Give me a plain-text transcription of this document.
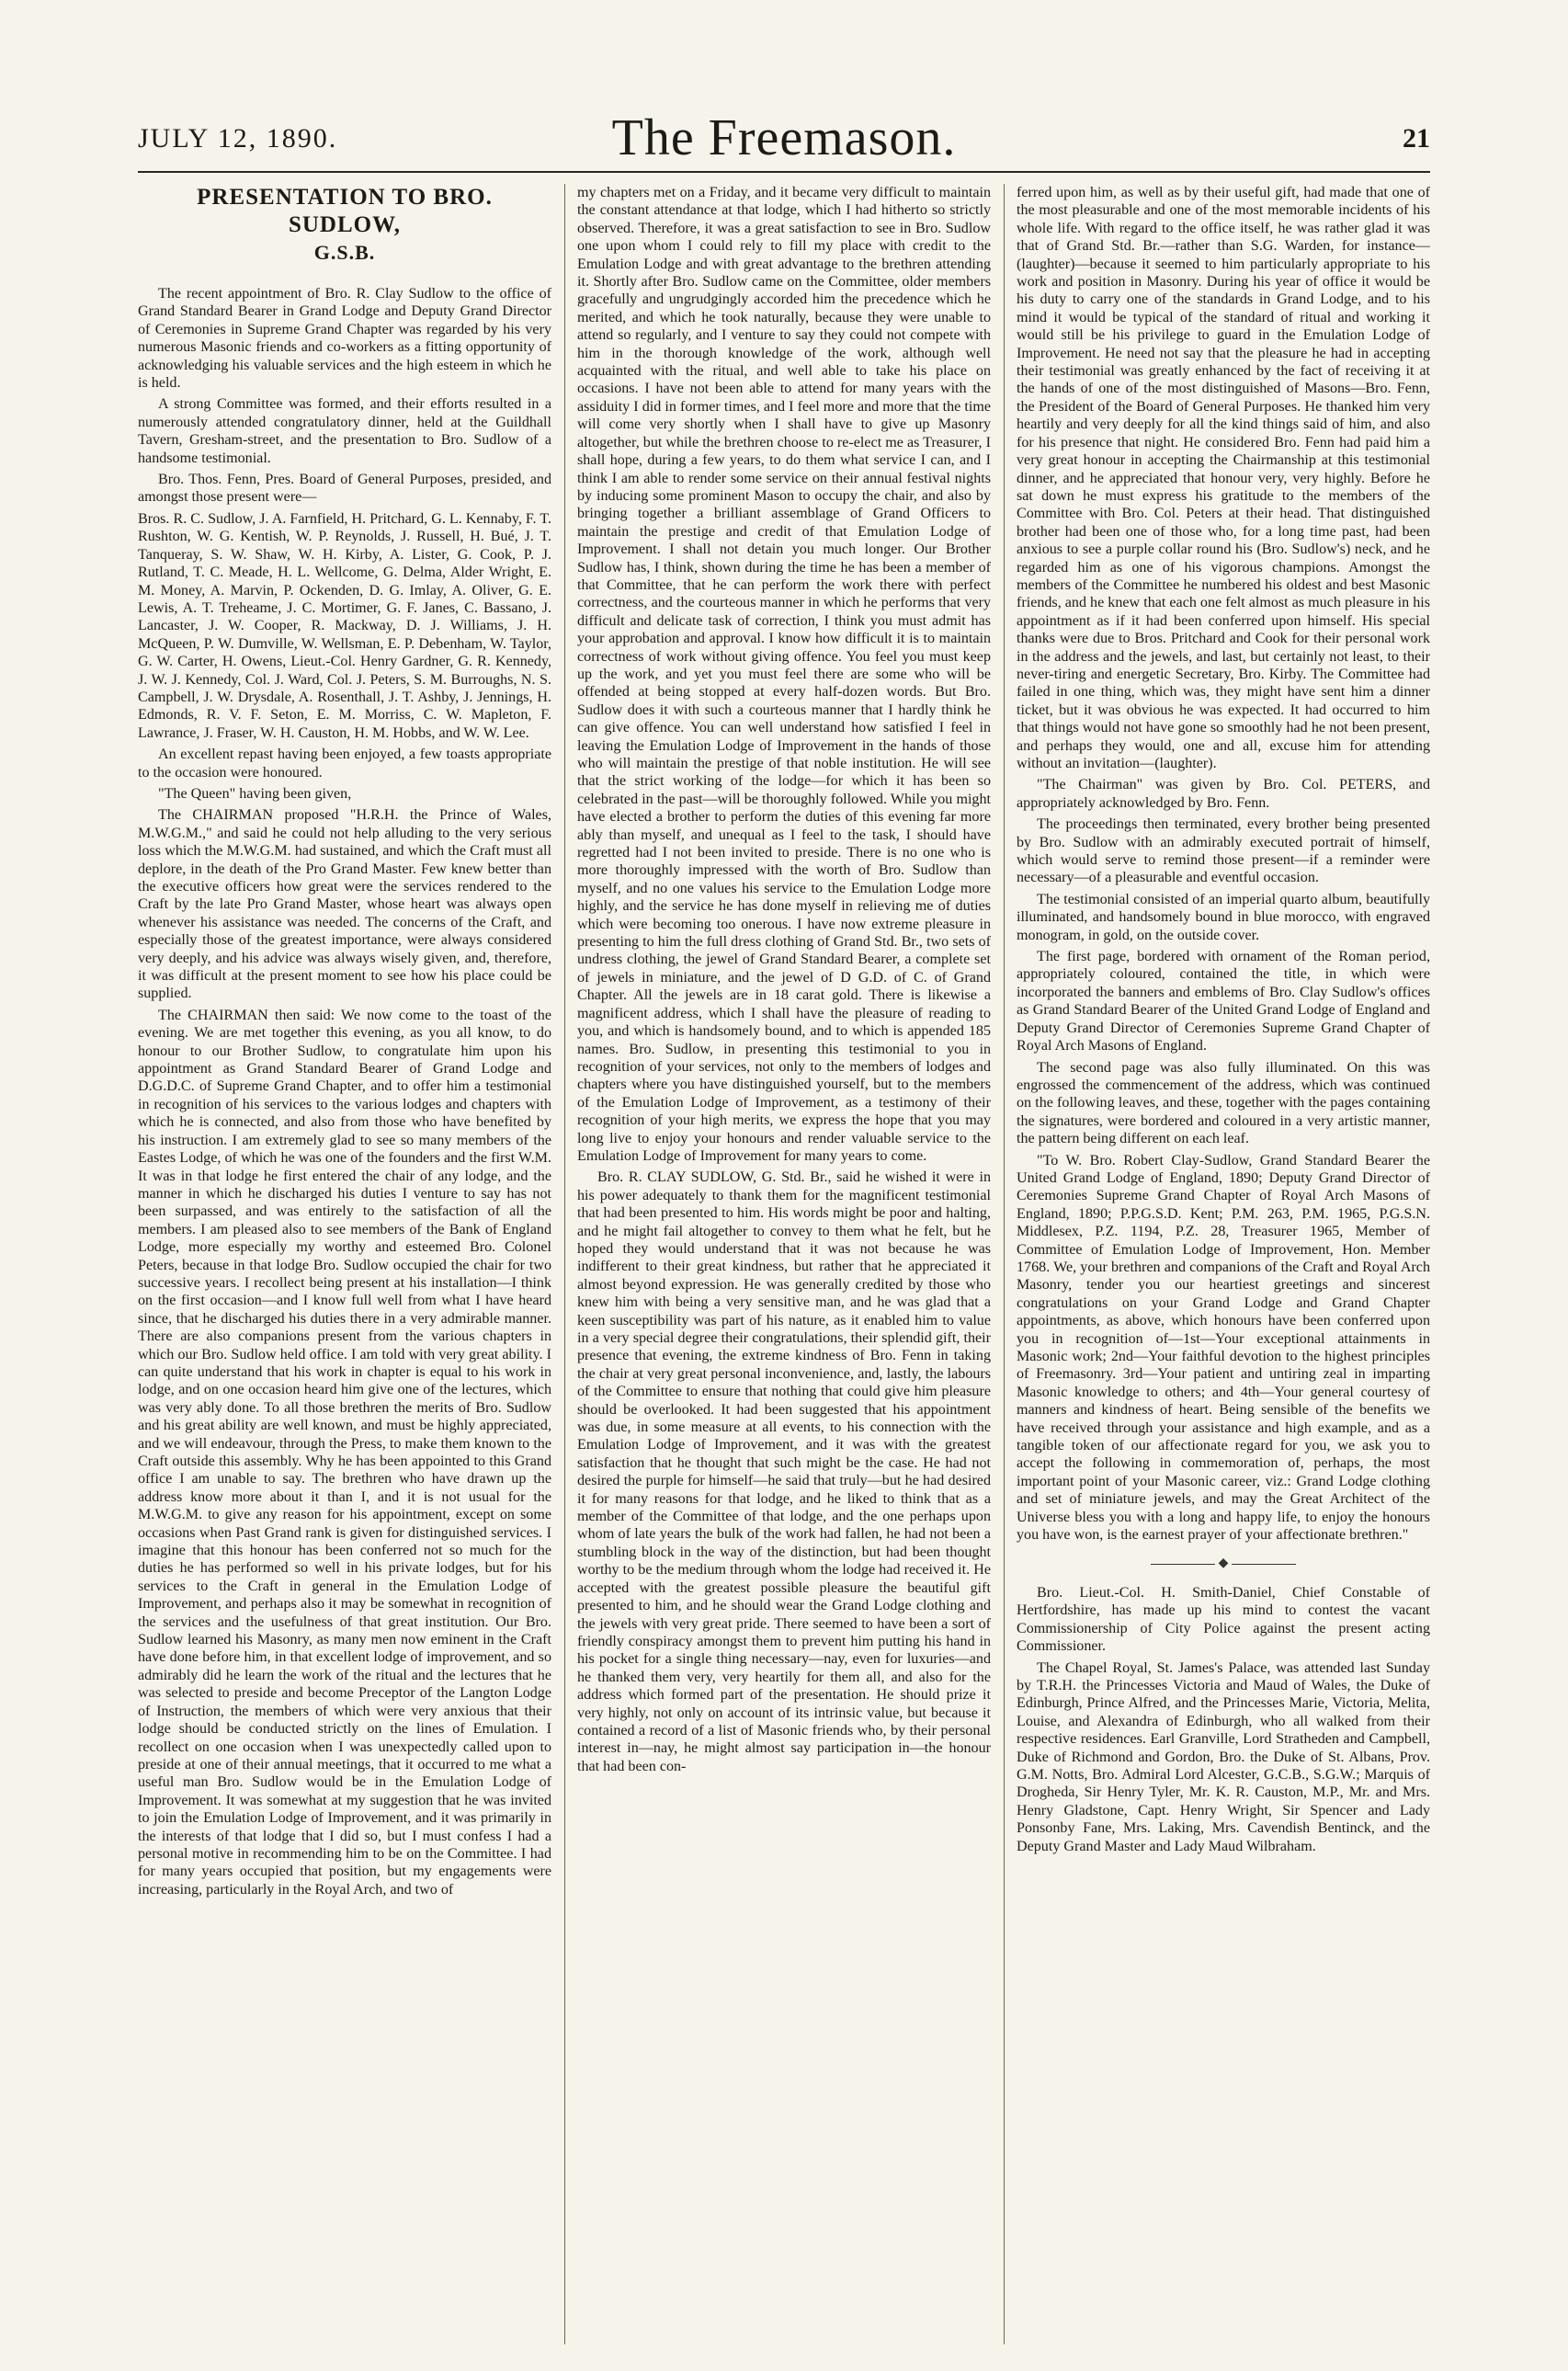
JULY 12, 1890.	The Freemason.	21
PRESENTATION TO BRO. SUDLOW,
G.S.B.

The recent appointment of Bro. R. Clay Sudlow to the office of Grand Standard Bearer in Grand Lodge and Deputy Grand Director of Ceremonies in Supreme Grand Chapter was regarded by his very numerous Masonic friends and co-workers as a fitting opportunity of acknowledging his valuable services and the high esteem in which he is held.

A strong Committee was formed, and their efforts resulted in a numerously attended congratulatory dinner, held at the Guildhall Tavern, Gresham-street, and the presentation to Bro. Sudlow of a handsome testimonial.

Bro. Thos. Fenn, Pres. Board of General Purposes, presided, and amongst those present were—

Bros. R. C. Sudlow, J. A. Farnfield, H. Pritchard, G. L. Kennaby, F. T. Rushton, W. G. Kentish, W. P. Reynolds, J. Russell, H. Bué, J. T. Tanqueray, S. W. Shaw, W. H. Kirby, A. Lister, G. Cook, P. J. Rutland, T. C. Meade, H. L. Wellcome, G. Delma, Alder Wright, E. M. Money, A. Marvin, P. Ockenden, D. G. Imlay, A. Oliver, G. E. Lewis, A. T. Treheame, J. C. Mortimer, G. F. Janes, C. Bassano, J. Lancaster, J. W. Cooper, R. Mackway, D. J. Williams, J. H. McQueen, P. W. Dumville, W. Wellsman, E. P. Debenham, W. Taylor, G. W. Carter, H. Owens, Lieut.-Col. Henry Gardner, G. R. Kennedy, J. W. J. Kennedy, Col. J. Ward, Col. J. Peters, S. M. Burroughs, N. S. Campbell, J. W. Drysdale, A. Rosenthall, J. T. Ashby, J. Jennings, H. Edmonds, R. V. F. Seton, E. M. Morriss, C. W. Mapleton, F. Lawrance, J. Fraser, W. H. Causton, H. M. Hobbs, and W. W. Lee.

An excellent repast having been enjoyed, a few toasts appropriate to the occasion were honoured.

"The Queen" having been given,

The CHAIRMAN proposed "H.R.H. the Prince of Wales, M.W.G.M.," and said he could not help alluding to the very serious loss which the M.W.G.M. had sustained, and which the Craft must all deplore, in the death of the Pro Grand Master. Few knew better than the executive officers how great were the services rendered to the Craft by the late Pro Grand Master, whose heart was always open whenever his assistance was needed. The concerns of the Craft, and especially those of the greatest importance, were always considered very deeply, and his advice was always wisely given, and, therefore, it was difficult at the present moment to see how his place could be supplied.

The CHAIRMAN then said: We now come to the toast of the evening. We are met together this evening, as you all know, to do honour to our Brother Sudlow, to congratulate him upon his appointment as Grand Standard Bearer of Grand Lodge and D.G.D.C. of Supreme Grand Chapter, and to offer him a testimonial in recognition of his services to the various lodges and chapters with which he is connected, and also from those who have benefited by his instruction. I am extremely glad to see so many members of the Eastes Lodge, of which he was one of the founders and the first W.M. It was in that lodge he first entered the chair of any lodge, and the manner in which he discharged his duties I venture to say has not been surpassed, and was entirely to the satisfaction of all the members. I am pleased also to see members of the Bank of England Lodge, more especially my worthy and esteemed Bro. Colonel Peters, because in that lodge Bro. Sudlow occupied the chair for two successive years. I recollect being present at his installation—I think on the first occasion—and I know full well from what I have heard since, that he discharged his duties there in a very admirable manner. There are also companions present from the various chapters in which our Bro. Sudlow held office. I am told with very great ability. I can quite understand that his work in chapter is equal to his work in lodge, and on one occasion heard him give one of the lectures, which was very ably done. To all those brethren the merits of Bro. Sudlow and his great ability are well known, and must be highly appreciated, and we will endeavour, through the Press, to make them known to the Craft outside this assembly. Why he has been appointed to this Grand office I am unable to say. The brethren who have drawn up the address know more about it than I, and it is not usual for the M.W.G.M. to give any reason for his appointment, except on some occasions when Past Grand rank is given for distinguished services. I imagine that this honour has been conferred not so much for the duties he has performed so well in his private lodges, but for his services to the Craft in general in the Emulation Lodge of Improvement, and perhaps also it may be somewhat in recognition of the services and the usefulness of that great institution. Our Bro. Sudlow learned his Masonry, as many men now eminent in the Craft have done before him, in that excellent lodge of improvement, and so admirably did he learn the work of the ritual and the lectures that he was selected to preside and become Preceptor of the Langton Lodge of Instruction, the members of which were very anxious that their lodge should be conducted strictly on the lines of Emulation. I recollect on one occasion when I was unexpectedly called upon to preside at one of their annual meetings, that it occurred to me what a useful man Bro. Sudlow would be in the Emulation Lodge of Improvement. It was somewhat at my suggestion that he was invited to join the Emulation Lodge of Improvement, and it was primarily in the interests of that lodge that I did so, but I must confess I had a personal motive in recommending him to be on the Committee. I had for many years occupied that position, but my engagements were increasing, particularly in the Royal Arch, and two of

my chapters met on a Friday, and it became very difficult to maintain the constant attendance at that lodge, which I had hitherto so strictly observed. Therefore, it was a great satisfaction to see in Bro. Sudlow one upon whom I could rely to fill my place with credit to the Emulation Lodge and with great advantage to the brethren attending it. Shortly after Bro. Sudlow came on the Committee, older members gracefully and ungrudgingly accorded him the precedence which he merited, and which he took naturally, because they were unable to attend so regularly, and I venture to say they could not compete with him in the thorough knowledge of the work, although well acquainted with the ritual, and well able to take his place on occasions. I have not been able to attend for many years with the assiduity I did in former times, and I feel more and more that the time will come very shortly when I shall have to give up Masonry altogether, but while the brethren choose to re-elect me as Treasurer, I shall hope, during a few years, to do them what service I can, and I think I am able to render some service on their annual festival nights by inducing some prominent Mason to occupy the chair, and also by bringing together a brilliant assemblage of Grand Officers to maintain the prestige and credit of that Emulation Lodge of Improvement. I shall not detain you much longer. Our Brother Sudlow has, I think, shown during the time he has been a member of that Committee, that he can perform the work there with perfect correctness, and the courteous manner in which he performs that very difficult and delicate task of correction, I think you must admit has your approbation and approval. I know how difficult it is to maintain correctness of work without giving offence. You feel you must keep up the work, and yet you must feel there are some who will be offended at being stopped at every half-dozen words. But Bro. Sudlow does it with such a courteous manner that I hardly think he can give offence. You can well understand how satisfied I feel in leaving the Emulation Lodge of Improvement in the hands of those who will maintain the prestige of that noble institution. He will see that the strict working of the lodge—for which it has been so celebrated in the past—will be thoroughly followed. While you might have elected a brother to perform the duties of this evening far more ably than myself, and unequal as I feel to the task, I should have regretted had I not been invited to preside. There is no one who is more thoroughly impressed with the worth of Bro. Sudlow than myself, and no one values his service to the Emulation Lodge more highly, and the service he has done myself in relieving me of duties which were becoming too onerous. I have now extreme pleasure in presenting to him the full dress clothing of Grand Std. Br., two sets of undress clothing, the jewel of Grand Standard Bearer, a complete set of jewels in miniature, and the jewel of D G.D. of C. of Grand Chapter. All the jewels are in 18 carat gold. There is likewise a magnificent address, which I shall have the pleasure of reading to you, and which is handsomely bound, and to which is appended 185 names. Bro. Sudlow, in presenting this testimonial to you in recognition of your services, not only to the members of lodges and chapters where you have distinguished yourself, but to the members of the Emulation Lodge of Improvement, as a testimony of their recognition of your high merits, we express the hope that you may long live to enjoy your honours and render valuable service to the Emulation Lodge of Improvement for many years to come.

Bro. R. CLAY SUDLOW, G. Std. Br., said he wished it were in his power adequately to thank them for the magnificent testimonial that had been presented to him. His words might be poor and halting, and he might fail altogether to convey to them what he felt, but he hoped they would understand that it was not because he was indifferent to their great kindness, but rather that he appreciated it almost beyond expression. He was generally credited by those who knew him with being a very sensitive man, and he was glad that a keen susceptibility was part of his nature, as it enabled him to value in a very special degree their congratulations, their splendid gift, their presence that evening, the extreme kindness of Bro. Fenn in taking the chair at very great personal inconvenience, and, lastly, the labours of the Committee to ensure that nothing that could give him pleasure should be overlooked. It had been suggested that his appointment was due, in some measure at all events, to his connection with the Emulation Lodge of Improvement, and it was with the greatest satisfaction that he thought that such might be the case. He had not desired the purple for himself—he said that truly—but he had desired it for many reasons for that lodge, and he liked to think that as a member of the Committee of that lodge, and the one perhaps upon whom of late years the bulk of the work had fallen, he had not been a stumbling block in the way of the distinction, but had been thought worthy to be the medium through whom the lodge had received it. He accepted with the greatest possible pleasure the beautiful gift presented to him, and he should wear the Grand Lodge clothing and the jewels with very great pride. There seemed to have been a sort of friendly conspiracy amongst them to prevent him putting his hand in his pocket for a single thing necessary—nay, even for luxuries—and he thanked them very, very heartily for them all, and also for the address which formed part of the presentation. He should prize it very highly, not only on account of its intrinsic value, but because it contained a record of a list of Masonic friends who, by their personal interest in—nay, he might almost say participation in—the honour that had been con-

ferred upon him, as well as by their useful gift, had made that one of the most pleasurable and one of the most memorable incidents of his whole life. With regard to the office itself, he was rather glad it was that of Grand Std. Br.—rather than S.G. Warden, for instance—(laughter)—because it seemed to him particularly appropriate to his work and position in Masonry. During his year of office it would be his duty to carry one of the standards in Grand Lodge, and to his mind it would be typical of the standard of ritual and working it would still be his privilege to guard in the Emulation Lodge of Improvement. He need not say that the pleasure he had in accepting their testimonial was greatly enhanced by the fact of receiving it at the hands of one of the most distinguished of Masons—Bro. Fenn, the President of the Board of General Purposes. He thanked him very heartily and very deeply for all the kind things said of him, and also for his presence that night. He considered Bro. Fenn had paid him a very great honour in accepting the Chairmanship at this testimonial dinner, and he appreciated that honour very, very highly. Before he sat down he must express his gratitude to the members of the Committee with Bro. Col. Peters at their head. That distinguished brother had been one of those who, for a long time past, had been anxious to see a purple collar round his (Bro. Sudlow's) neck, and he regarded him as one of his vigorous champions. Amongst the members of the Committee he numbered his oldest and best Masonic friends, and he knew that each one felt almost as much pleasure in his appointment as if it had been conferred upon himself. His special thanks were due to Bros. Pritchard and Cook for their personal work in the address and the jewels, and last, but certainly not least, to their never-tiring and energetic Secretary, Bro. Kirby. The Committee had failed in one thing, which was, they might have sent him a dinner ticket, but it was obvious he was expected. It had occurred to him that things would not have gone so smoothly had he not been present, and perhaps they would, one and all, excuse him for attending without an invitation—(laughter).

"The Chairman" was given by Bro. Col. PETERS, and appropriately acknowledged by Bro. Fenn.

The proceedings then terminated, every brother being presented by Bro. Sudlow with an admirably executed portrait of himself, which would serve to remind those present—if a reminder were necessary—of a pleasurable and eventful occasion.

The testimonial consisted of an imperial quarto album, beautifully illuminated, and handsomely bound in blue morocco, with engraved monogram, in gold, on the outside cover.

The first page, bordered with ornament of the Roman period, appropriately coloured, contained the title, in which were incorporated the banners and emblems of Bro. Clay Sudlow's offices as Grand Standard Bearer of the United Grand Lodge of England and Deputy Grand Director of Ceremonies Supreme Grand Chapter of Royal Arch Masons of England.

The second page was also fully illuminated. On this was engrossed the commencement of the address, which was continued on the following leaves, and these, together with the pages containing the signatures, were bordered and coloured in a very artistic manner, the pattern being different on each leaf.

"To W. Bro. Robert Clay-Sudlow, Grand Standard Bearer the United Grand Lodge of England, 1890; Deputy Grand Director of Ceremonies Supreme Grand Chapter of Royal Arch Masons of England, 1890; P.P.G.S.D. Kent; P.M. 263, P.M. 1965, P.G.S.N. Middlesex, P.Z. 1194, P.Z. 28, Treasurer 1965, Member of Committee of Emulation Lodge of Improvement, Hon. Member 1768. We, your brethren and companions of the Craft and Royal Arch Masonry, tender you our heartiest greetings and sincerest congratulations on your Grand Lodge and Grand Chapter appointments, as above, which honours have been conferred upon you in recognition of—1st—Your exceptional attainments in Masonic work; 2nd—Your faithful devotion to the highest principles of Freemasonry. 3rd—Your patient and untiring zeal in imparting Masonic knowledge to others; and 4th—Your general courtesy of manners and kindness of heart. Being sensible of the benefits we have received through your assistance and high example, and as a tangible token of our affectionate regard for you, we ask you to accept the following in commemoration of, perhaps, the most important point of your Masonic career, viz.: Grand Lodge clothing and set of miniature jewels, and may the Great Architect of the Universe bless you with a long and happy life, to enjoy the honours you have won, is the earnest prayer of your affectionate brethren."

◆

Bro. Lieut.-Col. H. Smith-Daniel, Chief Constable of Hertfordshire, has made up his mind to contest the vacant Commissionership of City Police against the present acting Commissioner.

The Chapel Royal, St. James's Palace, was attended last Sunday by T.R.H. the Princesses Victoria and Maud of Wales, the Duke of Edinburgh, Prince Alfred, and the Princesses Marie, Victoria, Melita, Louise, and Alexandra of Edinburgh, who all walked from their respective residences. Earl Granville, Lord Stratheden and Campbell, Duke of Richmond and Gordon, Bro. the Duke of St. Albans, Prov. G.M. Notts, Bro. Admiral Lord Alcester, G.C.B., S.G.W.; Marquis of Drogheda, Sir Henry Tyler, Mr. K. R. Causton, M.P., Mr. and Mrs. Henry Gladstone, Capt. Henry Wright, Sir Spencer and Lady Ponsonby Fane, Mrs. Laking, Mrs. Cavendish Bentinck, and the Deputy Grand Master and Lady Maud Wilbraham.
